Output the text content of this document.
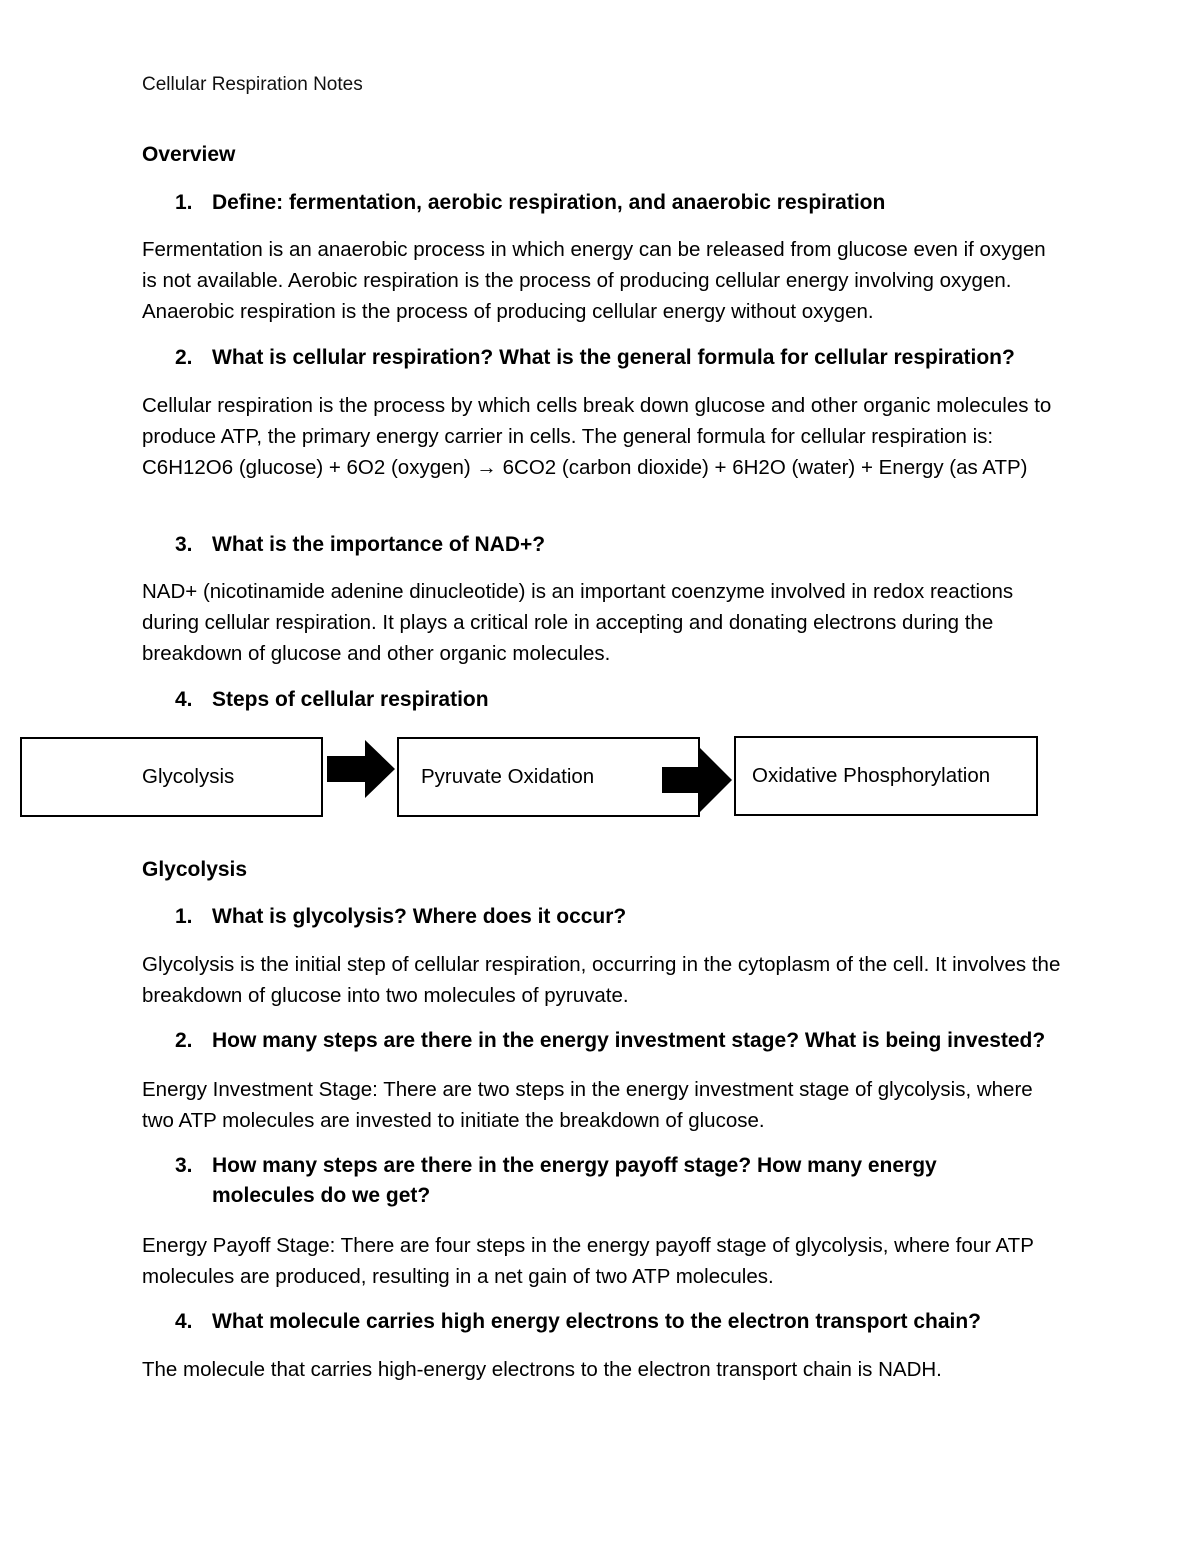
Cellular Respiration Notes
Overview
1. Define: fermentation, aerobic respiration, and anaerobic respiration
Fermentation is an anaerobic process in which energy can be released from glucose even if oxygen is not available. Aerobic respiration is the process of producing cellular energy involving oxygen. Anaerobic respiration is the process of producing cellular energy without oxygen.
2. What is cellular respiration? What is the general formula for cellular respiration?
Cellular respiration is the process by which cells break down glucose and other organic molecules to produce ATP, the primary energy carrier in cells. The general formula for cellular respiration is: C6H12O6 (glucose) + 6O2 (oxygen) → 6CO2 (carbon dioxide) + 6H2O (water) + Energy (as ATP)
3. What is the importance of NAD+?
NAD+ (nicotinamide adenine dinucleotide) is an important coenzyme involved in redox reactions during cellular respiration. It plays a critical role in accepting and donating electrons during the breakdown of glucose and other organic molecules.
4. Steps of cellular respiration
Glycolysis	Pyruvate Oxidation	Oxidative Phosphorylation
Glycolysis
1. What is glycolysis? Where does it occur?
Glycolysis is the initial step of cellular respiration, occurring in the cytoplasm of the cell. It involves the breakdown of glucose into two molecules of pyruvate.
2. How many steps are there in the energy investment stage? What is being invested?
Energy Investment Stage: There are two steps in the energy investment stage of glycolysis, where two ATP molecules are invested to initiate the breakdown of glucose.
3. How many steps are there in the energy payoff stage? How many energy molecules do we get?
Energy Payoff Stage: There are four steps in the energy payoff stage of glycolysis, where four ATP molecules are produced, resulting in a net gain of two ATP molecules.
4. What molecule carries high energy electrons to the electron transport chain?
The molecule that carries high-energy electrons to the electron transport chain is NADH.
